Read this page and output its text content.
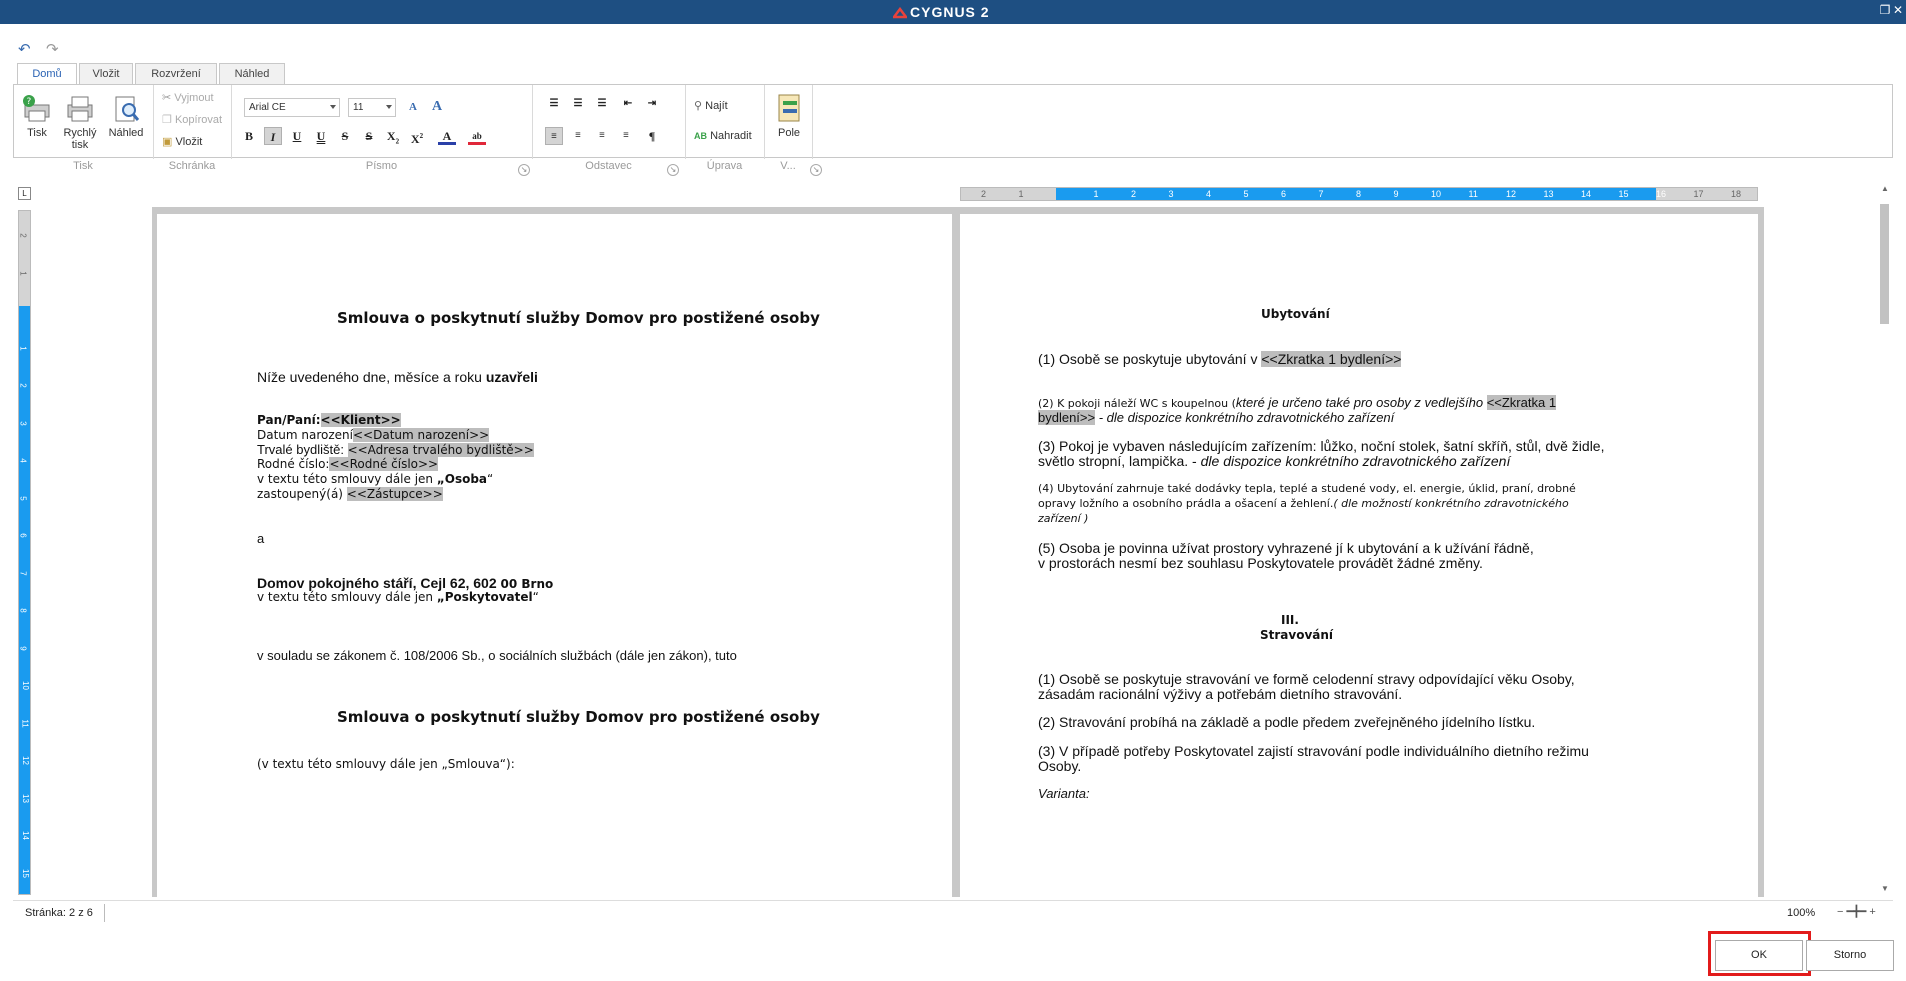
CYGNUS 2	❐ ✕
↶ ↷
Domů	Vložit	Rozvržení	Náhled
?
Tisk	Rychlý tisk
Náhled
✂ Vyjmout
❐ Kopírovat
▣ Vložit
Arial CE	11	A	A
B	I	U	U	S	S	$X_2$ $X^2$	A	ab
☰	☰	☰	⇤	⇥
≡	≡	≡	≡	¶
⚲ Najít
AB Nahradit	Pole
Tisk	Schránka	Písmo	↘	Odstavec	↘	Úprava	V...	↘
L	2	1	1	2	3	4	5	6	7	8	9	10	11	12	13	14	15	16	17	18
2
1
1
2
3
4
5
6
7
8
9
10
11
12
13
14
15
Smlouva o poskytnutí služby Domov pro postižené osoby
Níže uvedeného dne, měsíce a roku uzavřeli
Pan/Paní:<<Klient>>
Datum narození<<Datum narození>>
Trvalé bydliště: <<Adresa trvalého bydliště>>
Rodné číslo:<<Rodné číslo>>
v textu této smlouvy dále jen „Osoba“
zastoupený(á) <<Zástupce>>
a
Domov pokojného stáří, Cejl 62, 602 00 Brno
v textu této smlouvy dále jen „Poskytovatel“
v souladu se zákonem č. 108/2006 Sb., o sociálních službách (dále jen zákon), tuto
Smlouva o poskytnutí služby Domov pro postižené osoby
(v textu této smlouvy dále jen „Smlouva“):
Ubytování
(1) Osobě se poskytuje ubytování v <<Zkratka 1 bydlení>>
(2) K pokoji náleží WC s koupelnou (které je určeno také pro osoby z vedlejšího <<Zkratka 1
bydlení>> - dle dispozice konkrétního zdravotnického zařízení
(3) Pokoj je vybaven následujícím zařízením: lůžko, noční stolek, šatní skříň, stůl, dvě židle,
světlo stropní, lampička. - dle dispozice konkrétního zdravotnického zařízení
(4) Ubytování zahrnuje také dodávky tepla, teplé a studené vody, el. energie, úklid, praní, drobné
opravy ložního a osobního prádla a ošacení a žehlení.( dle možností konkrétního zdravotnického
zařízení )
(5) Osoba je povinna užívat prostory vyhrazené jí k ubytování a k užívání řádně,
v prostorách nesmí bez souhlasu Poskytovatele provádět žádné změny.
III.
Stravování
(1) Osobě se poskytuje stravování ve formě celodenní stravy odpovídající věku Osoby,
zásadám racionální výživy a potřebám dietního stravování.
(2) Stravování probíhá na základě a podle předem zveřejněného jídelního lístku.
(3) V případě potřeby Poskytovatel zajistí stravování podle individuálního dietního režimu
Osoby.
Varianta:
▲
▼
Stránka: 2 z 6	100% − ━╋━ +
OK	Storno
